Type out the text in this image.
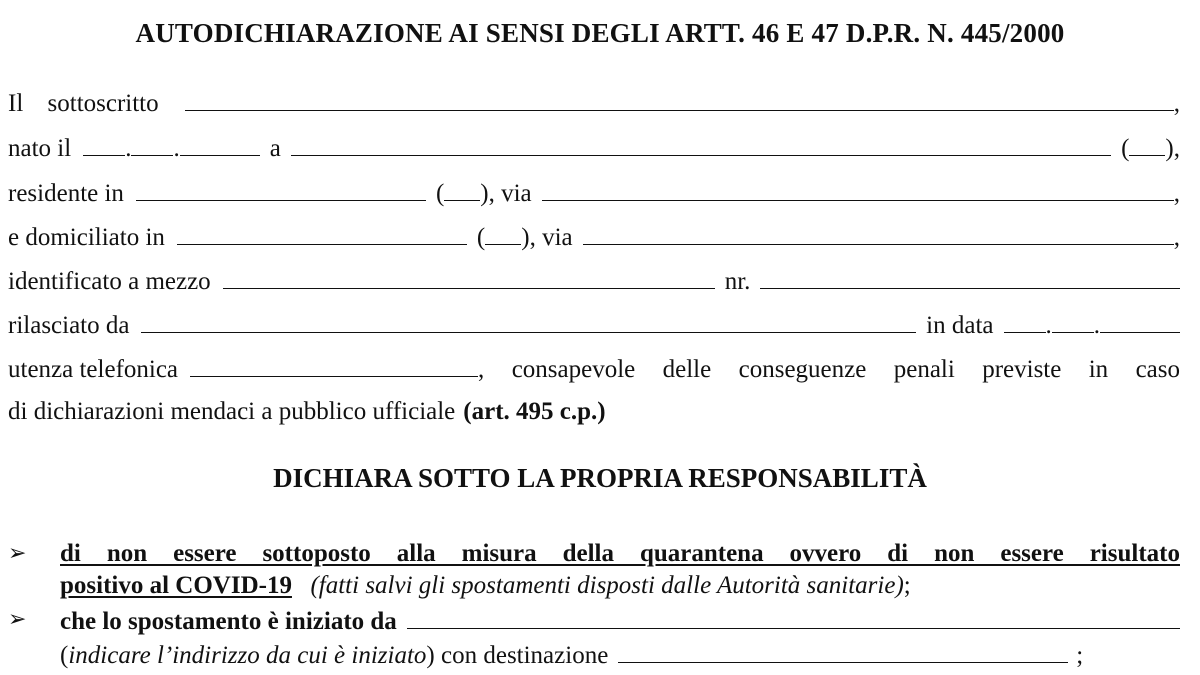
AUTODICHIARAZIONE AI SENSI DEGLI ARTT. 46 E 47 D.P.R. N. 445/2000
Il sottoscritto	,
nato il . .	a	( ),
residente in	( ), via	,
e domiciliato in	( ), via	,
identificato a mezzo	nr.
rilasciato da	in data . .
utenza telefonica	, consapevole delle conseguenze penali previste in caso
di dichiarazioni mendaci a pubblico ufficiale (art. 495 c.p.)
DICHIARA SOTTO LA PROPRIA RESPONSABILITÀ
➢ di non essere sottoposto alla misura della quarantena ovvero di non essere risultato
positivo al COVID-19 (fatti salvi gli spostamenti disposti dalle Autorità sanitarie);
➢ che lo spostamento è iniziato da
( indicare l’indirizzo da cui è iniziato ) con destinazione	;
